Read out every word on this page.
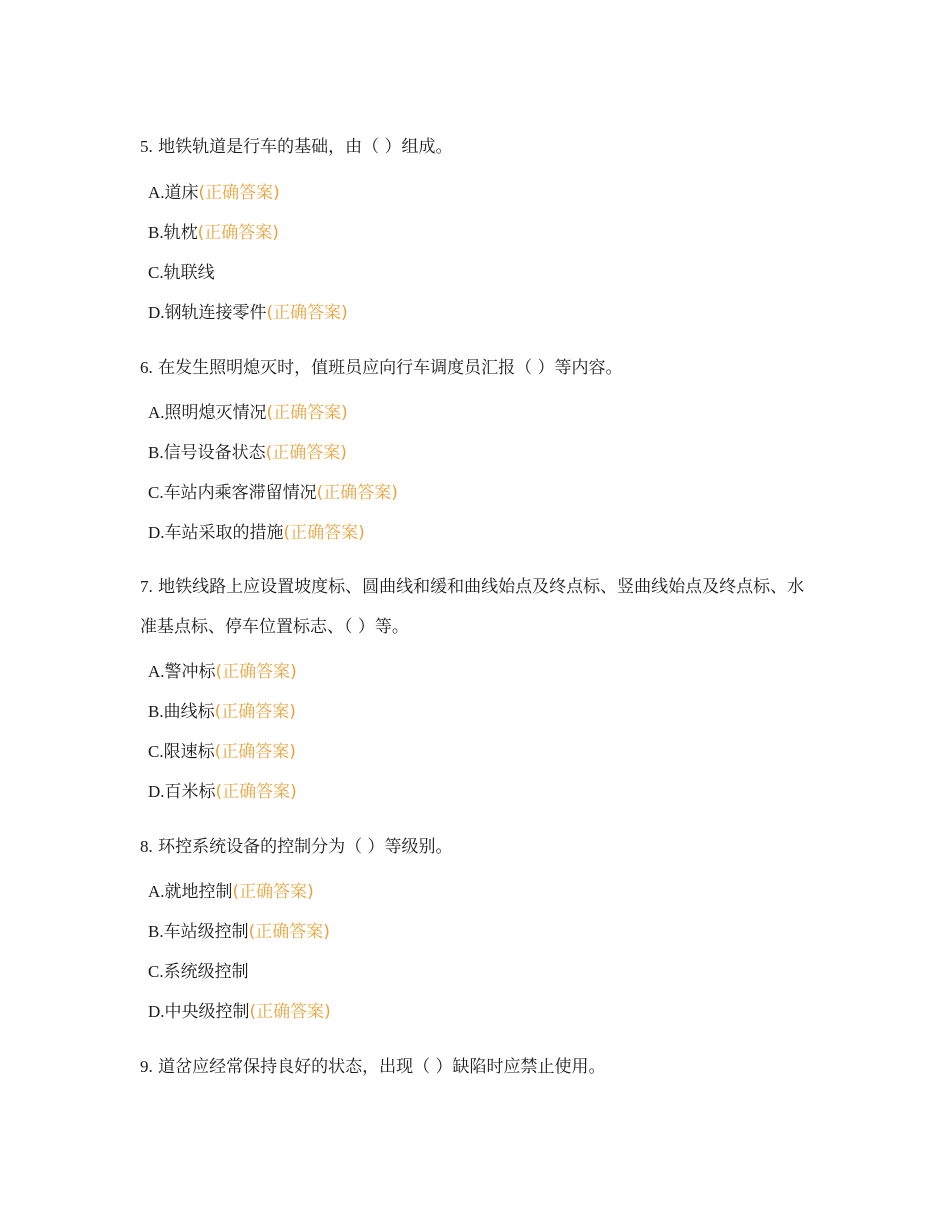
5. 地铁轨道是行车的基础，由（ ）组成。
A.道床(正确答案)
B.轨枕(正确答案)
C.轨联线
D.钢轨连接零件(正确答案)
6. 在发生照明熄灭时，值班员应向行车调度员汇报（ ）等内容。
A.照明熄灭情况(正确答案)
B.信号设备状态(正确答案)
C.车站内乘客滞留情况(正确答案)
D.车站采取的措施(正确答案)
7. 地铁线路上应设置坡度标、圆曲线和缓和曲线始点及终点标、竖曲线始点及终点标、水准基点标、停车位置标志、（ ）等。
A.警冲标(正确答案)
B.曲线标(正确答案)
C.限速标(正确答案)
D.百米标(正确答案)
8. 环控系统设备的控制分为（ ）等级别。
A.就地控制(正确答案)
B.车站级控制(正确答案)
C.系统级控制
D.中央级控制(正确答案)
9. 道岔应经常保持良好的状态，出现（ ）缺陷时应禁止使用。
